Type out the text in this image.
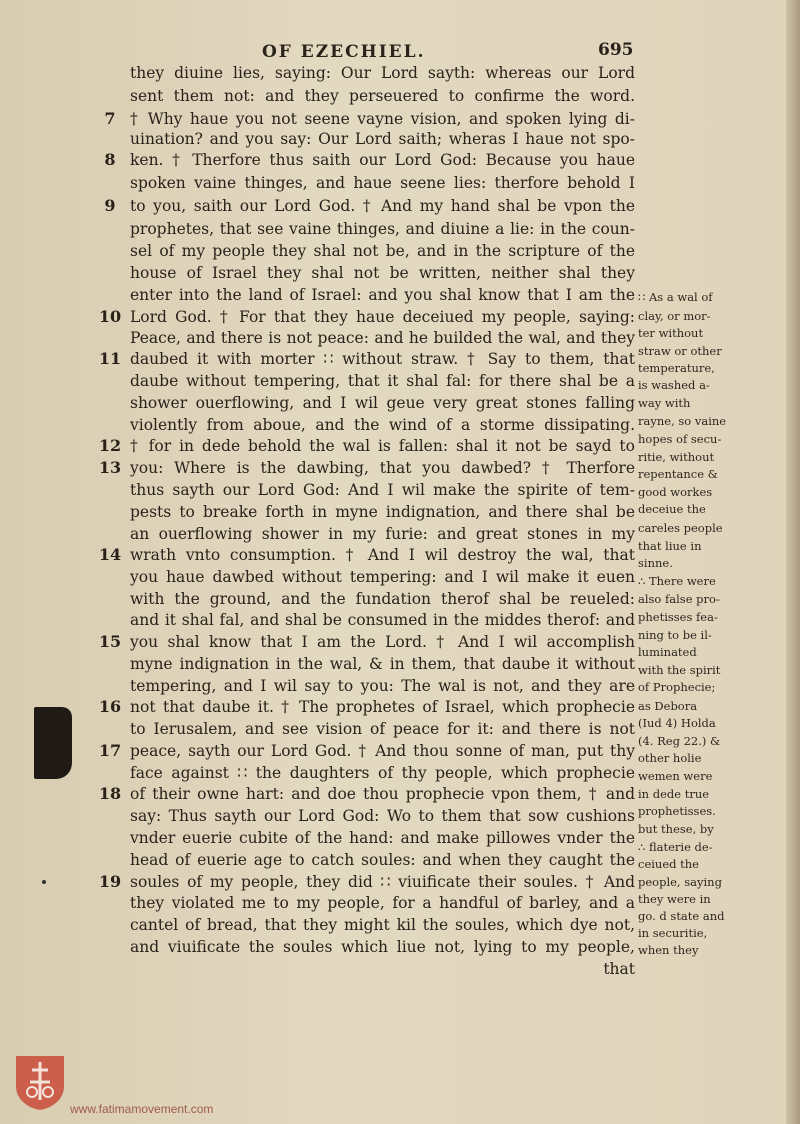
OF EZECHIEL.	695
they diuine lies, saying: Our Lord sayth: whereas our Lord
sent them not: and they perseuered to confirme the word.
† Why haue you not seene vayne vision, and spoken lying di-
uination? and you say: Our Lord saith; wheras I haue not spo-
ken. † Therfore thus saith our Lord God: Because you haue
spoken vaine thinges, and haue seene lies: therfore behold I
to you, saith our Lord God. † And my hand shal be vpon the
prophetes, that see vaine thinges, and diuine a lie: in the coun-
sel of my people they shal not be, and in the scripture of the
house of Israel they shal not be written, neither shal they
enter into the land of Israel: and you shal know that I am the
Lord God. † For that they haue deceiued my people, saying:
Peace, and there is not peace: and he builded the wal, and they
daubed it with morter ∷ without straw. † Say to them, that
daube without tempering, that it shal fal: for there shal be a
shower ouerflowing, and I wil geue very great stones falling
violently from aboue, and the wind of a storme dissipating.
† for in dede behold the wal is fallen: shal it not be sayd to
you: Where is the dawbing, that you dawbed? † Therfore
thus sayth our Lord God: And I wil make the spirite of tem-
pests to breake forth in myne indignation, and there shal be
an ouerflowing shower in my furie: and great stones in my
wrath vnto consumption. † And I wil destroy the wal, that
you haue dawbed without tempering: and I wil make it euen
with the ground, and the fundation therof shal be reueled:
and it shal fal, and shal be consumed in the middes therof: and
you shal know that I am the Lord. † And I wil accomplish
myne indignation in the wal, & in them, that daube it without
tempering, and I wil say to you: The wal is not, and they are
not that daube it. † The prophetes of Israel, which prophecie
to Ierusalem, and see vision of peace for it: and there is not
peace, sayth our Lord God. † And thou sonne of man, put thy
face against ∷ the daughters of thy people, which prophecie
of their owne hart: and doe thou prophecie vpon them, † and
say: Thus sayth our Lord God: Wo to them that sow cushions
vnder euerie cubite of the hand: and make pillowes vnder the
head of euerie age to catch soules: and when they caught the
soules of my people, they did ∷ viuificate their soules. † And
they violated me to my people, for a handful of barley, and a
cantel of bread, that they might kil the soules, which dye not,
and viuificate the soules which liue not, lying to my people,
that
7
8
9
10
11
12
13
14
15
16
17
18
19
∷ As a wal of
clay, or mor-
ter without
straw or other
temperature,
is washed a-
way with
rayne, so vaine
hopes of secu-
ritie, without
repentance &
good workes
deceiue the
careles people
that liue in
sinne.
∴ There were
also false pro-
phetisses fea-
ning to be il-
luminated
with the spirit
of Prophecie;
as Debora
(Iud 4) Holda
(4. Reg 22.) &
other holie
wemen were
in dede true
prophetisses.
but these, by
∴ flaterie de-
ceiued the
people, saying
they were in
go. d state and
in securitie,
when they
www.fatimamovement.com
